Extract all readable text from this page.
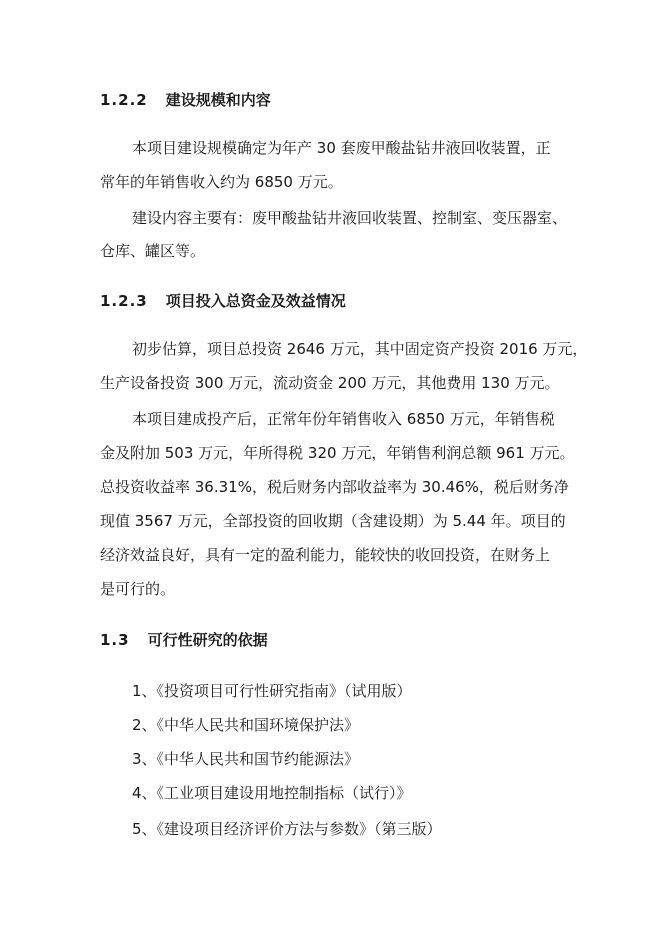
1.2.2 建设规模和内容
本项目建设规模确定为年产 30 套废甲酸盐钻井液回收装置，正
常年的年销售收入约为 6850 万元。
建设内容主要有：废甲酸盐钻井液回收装置、控制室、变压器室、
仓库、罐区等。
1.2.3 项目投入总资金及效益情况
初步估算，项目总投资 2646 万元，其中固定资产投资 2016 万元，
生产设备投资 300 万元，流动资金 200 万元，其他费用 130 万元。
本项目建成投产后，正常年份年销售收入 6850 万元，年销售税
金及附加 503 万元，年所得税 320 万元，年销售利润总额 961 万元。
总投资收益率 36.31%，税后财务内部收益率为 30.46%，税后财务净
现值 3567 万元，全部投资的回收期（含建设期）为 5.44 年。项目的
经济效益良好，具有一定的盈利能力，能较快的收回投资，在财务上
是可行的。
1.3 可行性研究的依据
1、《投资项目可行性研究指南》（试用版）
2、《中华人民共和国环境保护法》
3、《中华人民共和国节约能源法》
4、《工业项目建设用地控制指标（试行）》
5、《建设项目经济评价方法与参数》（第三版）
